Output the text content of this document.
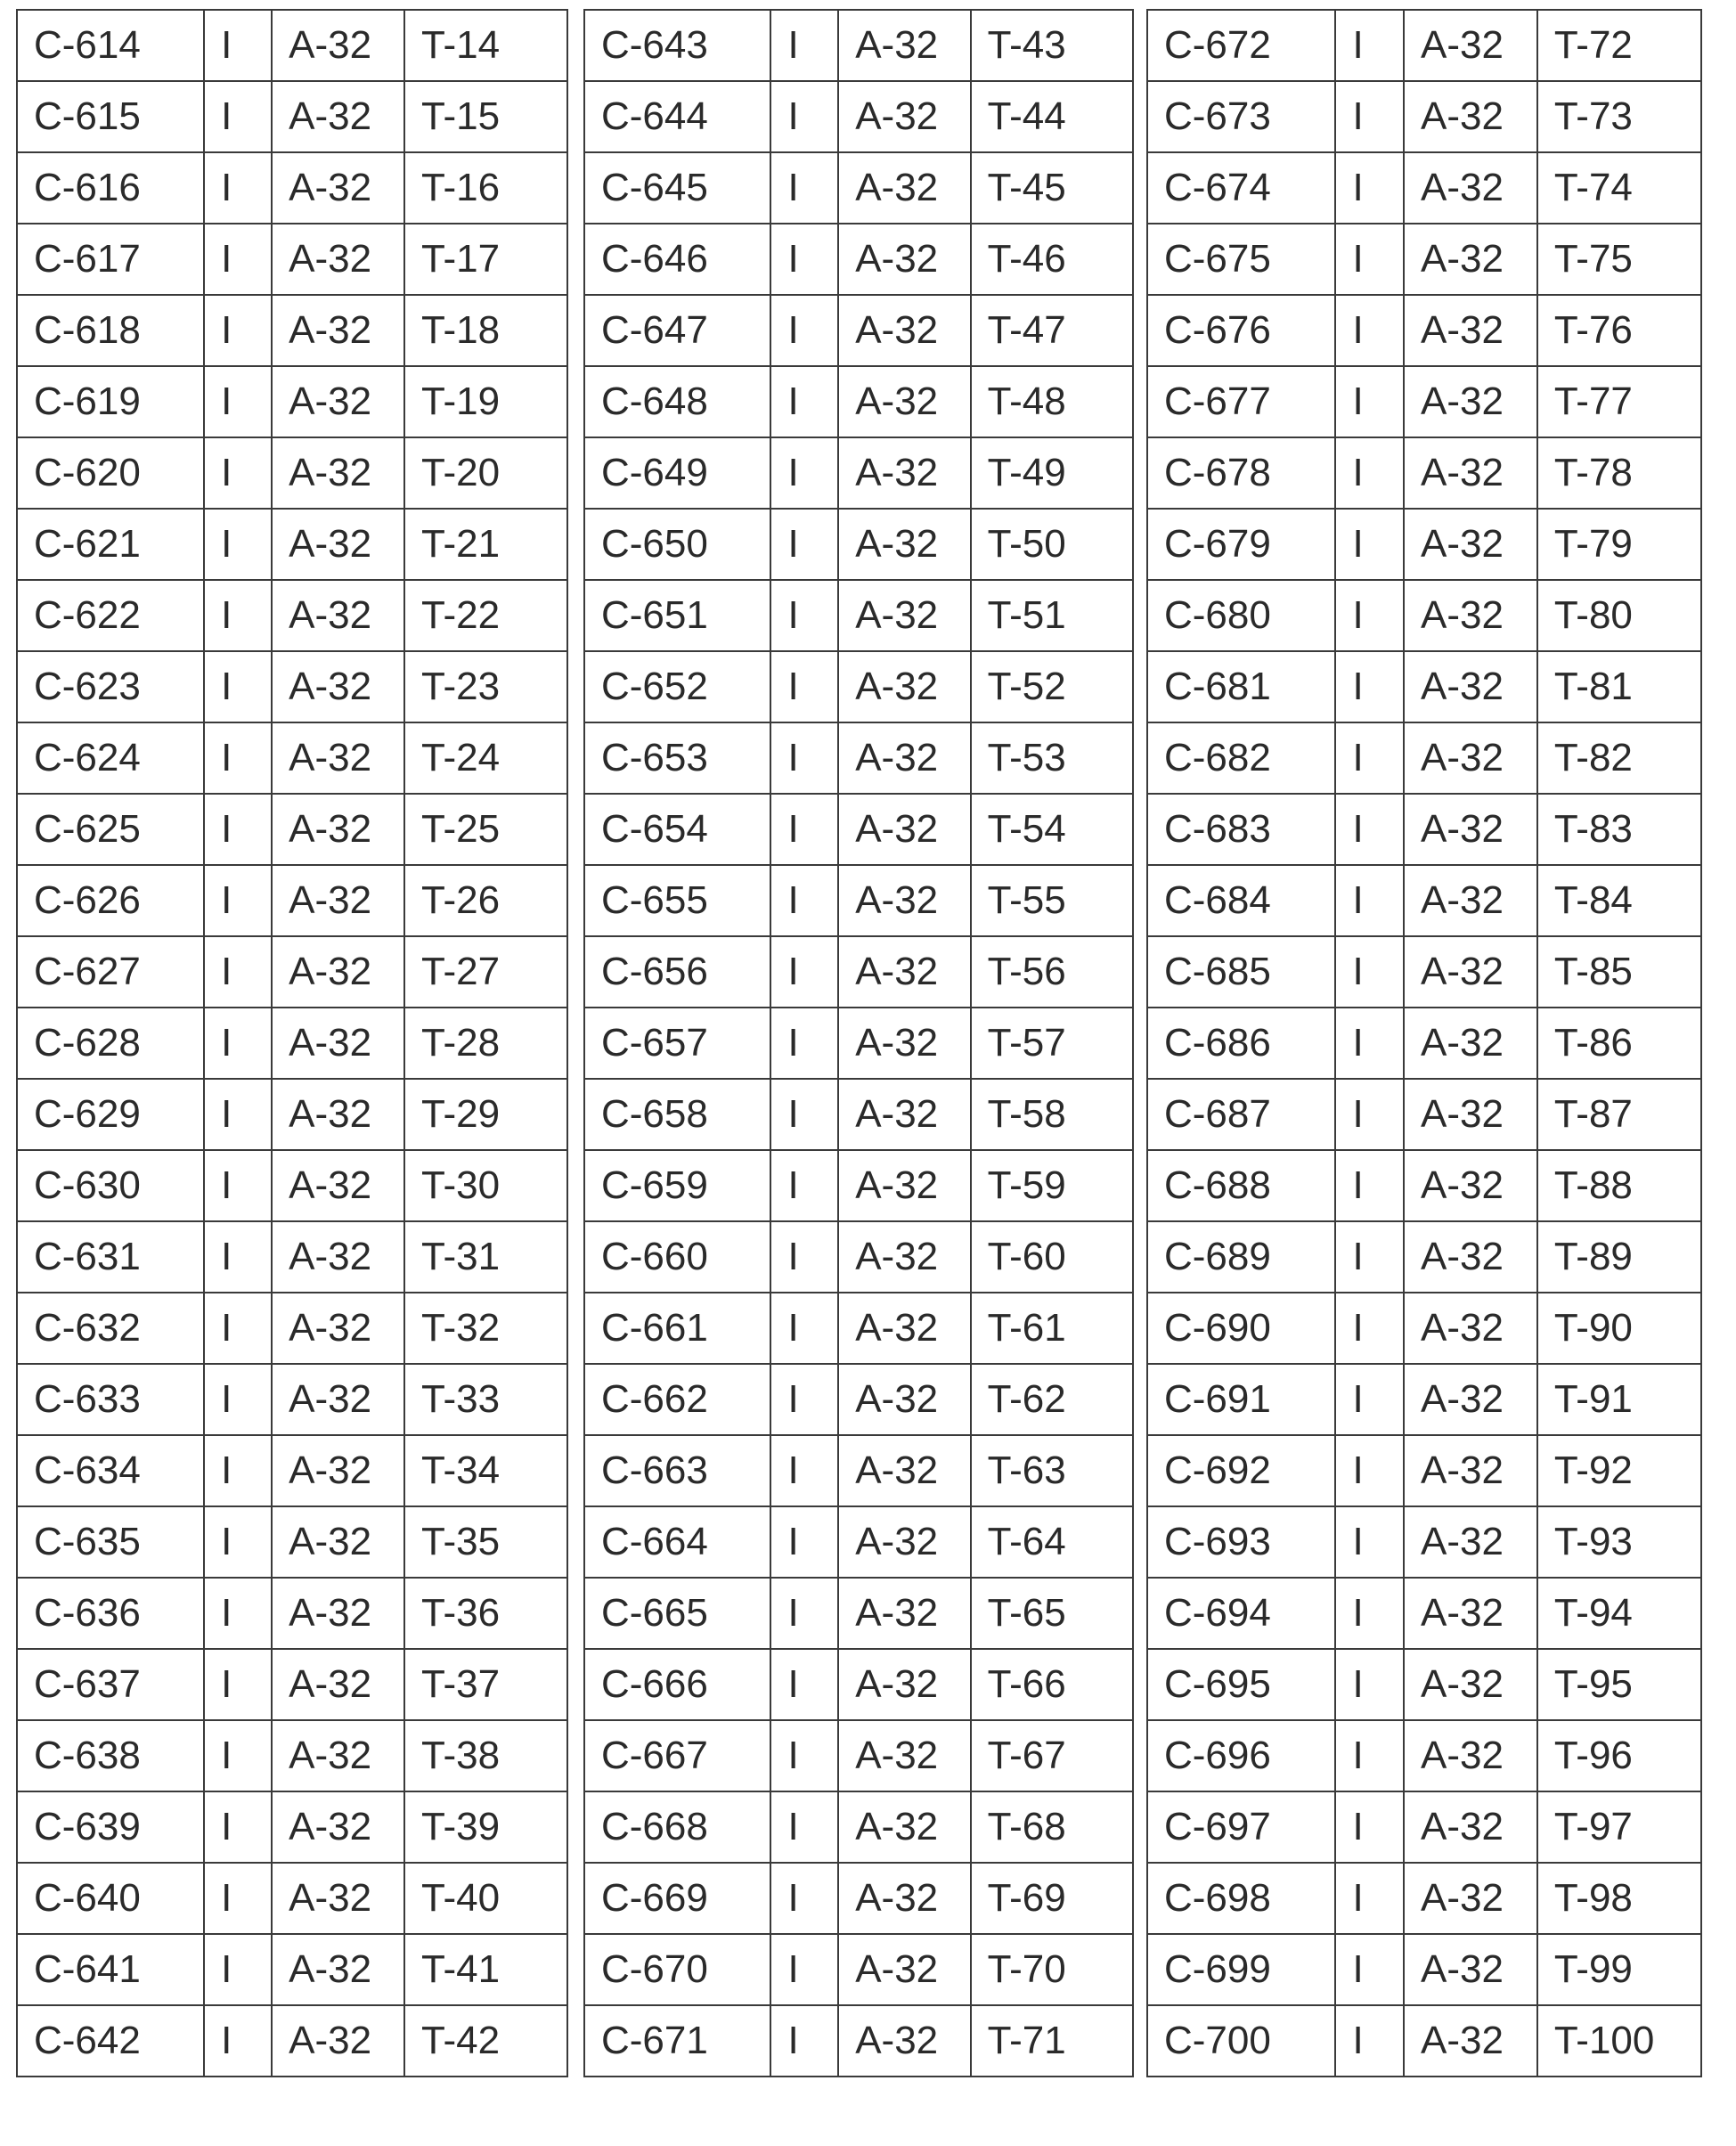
C-614	I	A-32	T-14
C-615	I	A-32	T-15
C-616	I	A-32	T-16
C-617	I	A-32	T-17
C-618	I	A-32	T-18
C-619	I	A-32	T-19
C-620	I	A-32	T-20
C-621	I	A-32	T-21
C-622	I	A-32	T-22
C-623	I	A-32	T-23
C-624	I	A-32	T-24
C-625	I	A-32	T-25
C-626	I	A-32	T-26
C-627	I	A-32	T-27
C-628	I	A-32	T-28
C-629	I	A-32	T-29
C-630	I	A-32	T-30
C-631	I	A-32	T-31
C-632	I	A-32	T-32
C-633	I	A-32	T-33
C-634	I	A-32	T-34
C-635	I	A-32	T-35
C-636	I	A-32	T-36
C-637	I	A-32	T-37
C-638	I	A-32	T-38
C-639	I	A-32	T-39
C-640	I	A-32	T-40
C-641	I	A-32	T-41
C-642	I	A-32	T-42
C-643	I	A-32	T-43
C-644	I	A-32	T-44
C-645	I	A-32	T-45
C-646	I	A-32	T-46
C-647	I	A-32	T-47
C-648	I	A-32	T-48
C-649	I	A-32	T-49
C-650	I	A-32	T-50
C-651	I	A-32	T-51
C-652	I	A-32	T-52
C-653	I	A-32	T-53
C-654	I	A-32	T-54
C-655	I	A-32	T-55
C-656	I	A-32	T-56
C-657	I	A-32	T-57
C-658	I	A-32	T-58
C-659	I	A-32	T-59
C-660	I	A-32	T-60
C-661	I	A-32	T-61
C-662	I	A-32	T-62
C-663	I	A-32	T-63
C-664	I	A-32	T-64
C-665	I	A-32	T-65
C-666	I	A-32	T-66
C-667	I	A-32	T-67
C-668	I	A-32	T-68
C-669	I	A-32	T-69
C-670	I	A-32	T-70
C-671	I	A-32	T-71
C-672	I	A-32	T-72
C-673	I	A-32	T-73
C-674	I	A-32	T-74
C-675	I	A-32	T-75
C-676	I	A-32	T-76
C-677	I	A-32	T-77
C-678	I	A-32	T-78
C-679	I	A-32	T-79
C-680	I	A-32	T-80
C-681	I	A-32	T-81
C-682	I	A-32	T-82
C-683	I	A-32	T-83
C-684	I	A-32	T-84
C-685	I	A-32	T-85
C-686	I	A-32	T-86
C-687	I	A-32	T-87
C-688	I	A-32	T-88
C-689	I	A-32	T-89
C-690	I	A-32	T-90
C-691	I	A-32	T-91
C-692	I	A-32	T-92
C-693	I	A-32	T-93
C-694	I	A-32	T-94
C-695	I	A-32	T-95
C-696	I	A-32	T-96
C-697	I	A-32	T-97
C-698	I	A-32	T-98
C-699	I	A-32	T-99
C-700	I	A-32	T-100
